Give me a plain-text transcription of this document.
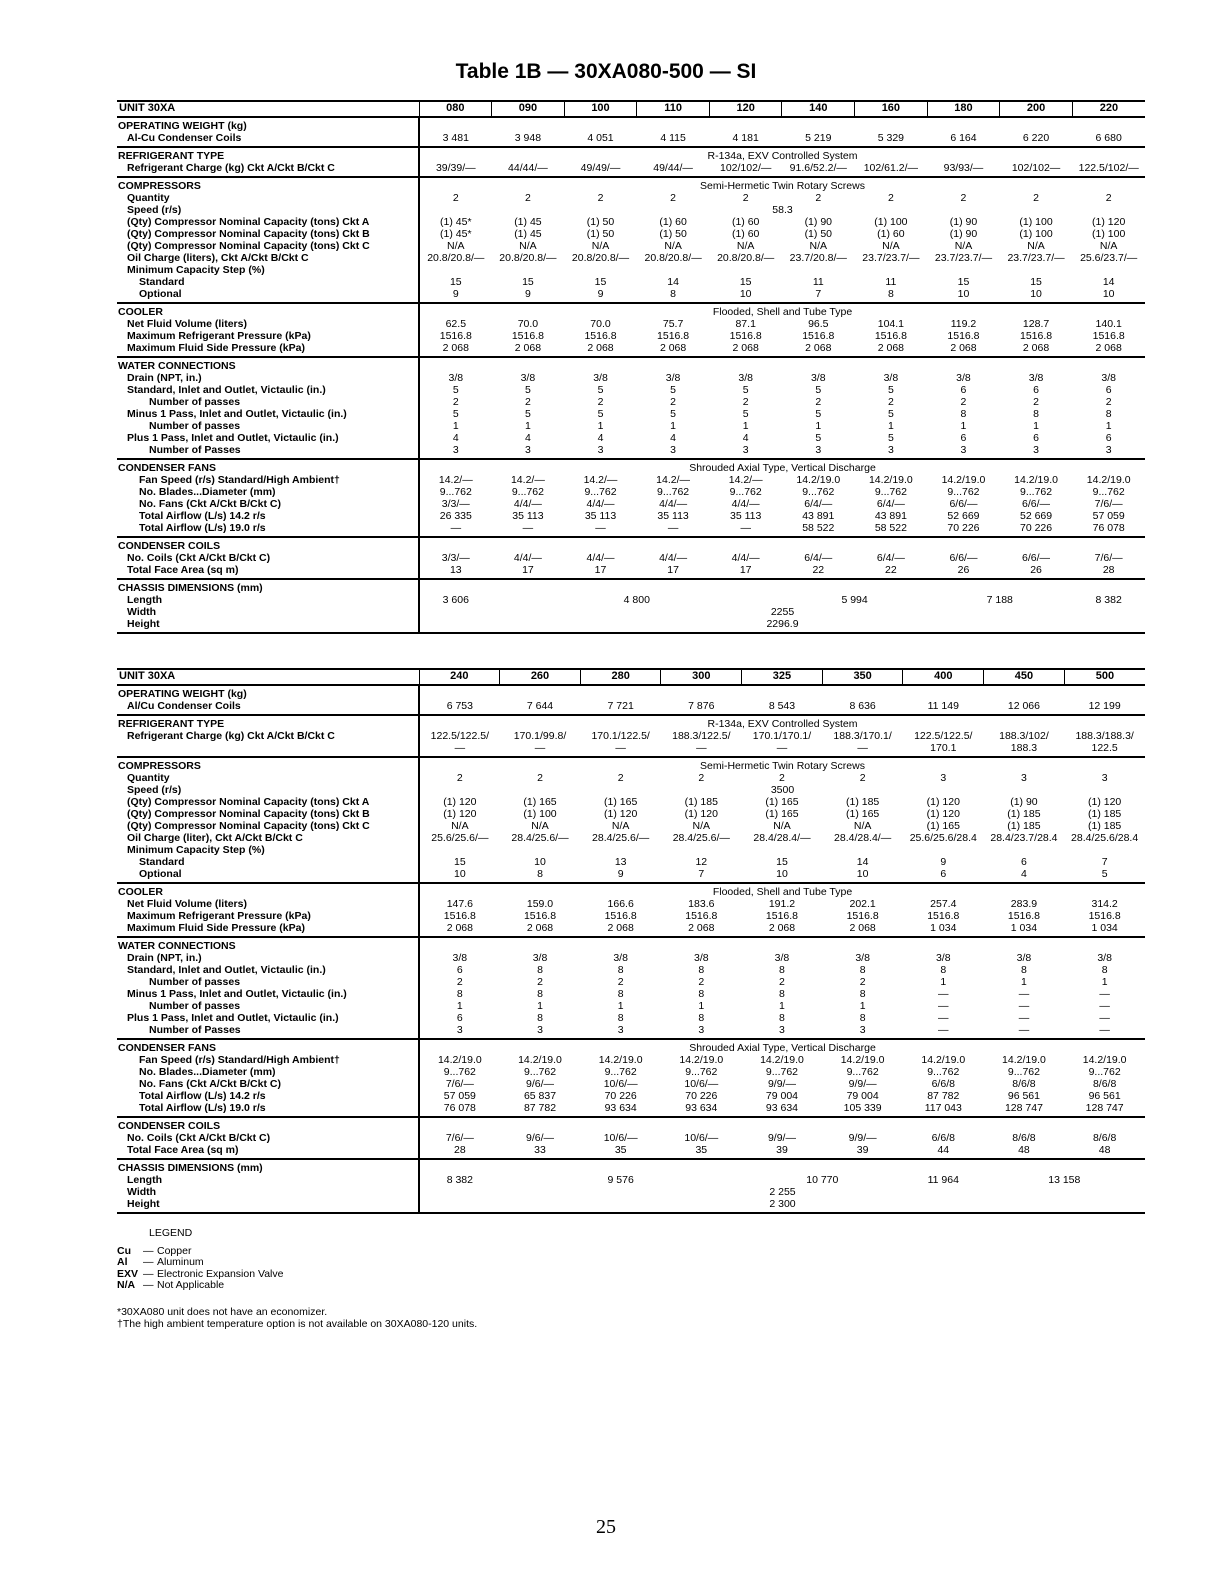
Table 1B — 30XA080-500 — SI
UNIT 30XA	080	090	100	110	120	140	160	180	200	220
OPERATING WEIGHT (kg)										
Al-Cu Condenser Coils	3 481	3 948	4 051	4 115	4 181	5 219	5 329	6 164	6 220	6 680
REFRIGERANT TYPE	R-134a, EXV Controlled System									
Refrigerant Charge (kg) Ckt A/Ckt B/Ckt C	39/39/—	44/44/—	49/49/—	49/44/—	102/102/—	91.6/52.2/—	102/61.2/—	93/93/—	102/102—	122.5/102/—
COMPRESSORS	Semi-Hermetic Twin Rotary Screws									
Quantity	2	2	2	2	2	2	2	2	2	2
Speed (r/s)	58.3									
(Qty) Compressor Nominal Capacity (tons) Ckt A	(1) 45*	(1) 45	(1) 50	(1) 60	(1) 60	(1) 90	(1) 100	(1) 90	(1) 100	(1) 120
(Qty) Compressor Nominal Capacity (tons) Ckt B	(1) 45*	(1) 45	(1) 50	(1) 50	(1) 60	(1) 50	(1) 60	(1) 90	(1) 100	(1) 100
(Qty) Compressor Nominal Capacity (tons) Ckt C	N/A	N/A	N/A	N/A	N/A	N/A	N/A	N/A	N/A	N/A
Oil Charge (liters), Ckt A/Ckt B/Ckt C	20.8/20.8/—	20.8/20.8/—	20.8/20.8/—	20.8/20.8/—	20.8/20.8/—	23.7/20.8/—	23.7/23.7/—	23.7/23.7/—	23.7/23.7/—	25.6/23.7/—
Minimum Capacity Step (%)										
Standard	15	15	15	14	15	11	11	15	15	14
Optional	9	9	9	8	10	7	8	10	10	10
COOLER	Flooded, Shell and Tube Type									
Net Fluid Volume (liters)	62.5	70.0	70.0	75.7	87.1	96.5	104.1	119.2	128.7	140.1
Maximum Refrigerant Pressure (kPa)	1516.8	1516.8	1516.8	1516.8	1516.8	1516.8	1516.8	1516.8	1516.8	1516.8
Maximum Fluid Side Pressure (kPa)	2 068	2 068	2 068	2 068	2 068	2 068	2 068	2 068	2 068	2 068
WATER CONNECTIONS										
Drain (NPT, in.)	3/8	3/8	3/8	3/8	3/8	3/8	3/8	3/8	3/8	3/8
Standard, Inlet and Outlet, Victaulic (in.)	5	5	5	5	5	5	5	6	6	6
Number of passes	2	2	2	2	2	2	2	2	2	2
Minus 1 Pass, Inlet and Outlet, Victaulic (in.)	5	5	5	5	5	5	5	8	8	8
Number of passes	1	1	1	1	1	1	1	1	1	1
Plus 1 Pass, Inlet and Outlet, Victaulic (in.)	4	4	4	4	4	5	5	6	6	6
Number of Passes	3	3	3	3	3	3	3	3	3	3
CONDENSER FANS	Shrouded Axial Type, Vertical Discharge									
Fan Speed (r/s) Standard/High Ambient†	14.2/—	14.2/—	14.2/—	14.2/—	14.2/—	14.2/19.0	14.2/19.0	14.2/19.0	14.2/19.0	14.2/19.0
No. Blades...Diameter (mm)	9...762	9...762	9...762	9...762	9...762	9...762	9...762	9...762	9...762	9...762
No. Fans (Ckt A/Ckt B/Ckt C)	3/3/—	4/4/—	4/4/—	4/4/—	4/4/—	6/4/—	6/4/—	6/6/—	6/6/—	7/6/—
Total Airflow (L/s) 14.2 r/s	26 335	35 113	35 113	35 113	35 113	43 891	43 891	52 669	52 669	57 059
Total Airflow (L/s) 19.0 r/s	—	—	—	—	—	58 522	58 522	70 226	70 226	76 078
CONDENSER COILS										
No. Coils (Ckt A/Ckt B/Ckt C)	3/3/—	4/4/—	4/4/—	4/4/—	4/4/—	6/4/—	6/4/—	6/6/—	6/6/—	7/6/—
Total Face Area (sq m)	13	17	17	17	17	22	22	26	26	28
CHASSIS DIMENSIONS (mm)										
Length	3 606	4 800				5 994		7 188		8 382
Width	2255									
Height	2296.9									
UNIT 30XA	240	260	280	300	325	350	400	450	500
OPERATING WEIGHT (kg)									
Al/Cu Condenser Coils	6 753	7 644	7 721	7 876	8 543	8 636	11 149	12 066	12 199
REFRIGERANT TYPE	R-134a, EXV Controlled System								
Refrigerant Charge (kg) Ckt A/Ckt B/Ckt C	122.5/122.5/	170.1/99.8/	170.1/122.5/	188.3/122.5/	170.1/170.1/	188.3/170.1/	122.5/122.5/	188.3/102/	188.3/188.3/
	—	—	—	—	—	—	170.1	188.3	122.5
COMPRESSORS	Semi-Hermetic Twin Rotary Screws								
Quantity	2	2	2	2	2	2	3	3	3
Speed (r/s)	3500								
(Qty) Compressor Nominal Capacity (tons) Ckt A	(1) 120	(1) 165	(1) 165	(1) 185	(1) 165	(1) 185	(1) 120	(1) 90	(1) 120
(Qty) Compressor Nominal Capacity (tons) Ckt B	(1) 120	(1) 100	(1) 120	(1) 120	(1) 165	(1) 165	(1) 120	(1) 185	(1) 185
(Qty) Compressor Nominal Capacity (tons) Ckt C	N/A	N/A	N/A	N/A	N/A	N/A	(1) 165	(1) 185	(1) 185
Oil Charge (liter), Ckt A/Ckt B/Ckt C	25.6/25.6/—	28.4/25.6/—	28.4/25.6/—	28.4/25.6/—	28.4/28.4/—	28.4/28.4/—	25.6/25.6/28.4	28.4/23.7/28.4	28.4/25.6/28.4
Minimum Capacity Step (%)									
Standard	15	10	13	12	15	14	9	6	7
Optional	10	8	9	7	10	10	6	4	5
COOLER	Flooded, Shell and Tube Type								
Net Fluid Volume (liters)	147.6	159.0	166.6	183.6	191.2	202.1	257.4	283.9	314.2
Maximum Refrigerant Pressure (kPa)	1516.8	1516.8	1516.8	1516.8	1516.8	1516.8	1516.8	1516.8	1516.8
Maximum Fluid Side Pressure (kPa)	2 068	2 068	2 068	2 068	2 068	2 068	1 034	1 034	1 034
WATER CONNECTIONS									
Drain (NPT, in.)	3/8	3/8	3/8	3/8	3/8	3/8	3/8	3/8	3/8
Standard, Inlet and Outlet, Victaulic (in.)	6	8	8	8	8	8	8	8	8
Number of passes	2	2	2	2	2	2	1	1	1
Minus 1 Pass, Inlet and Outlet, Victaulic (in.)	8	8	8	8	8	8	—	—	—
Number of passes	1	1	1	1	1	1	—	—	—
Plus 1 Pass, Inlet and Outlet, Victaulic (in.)	6	8	8	8	8	8	—	—	—
Number of Passes	3	3	3	3	3	3	—	—	—
CONDENSER FANS	Shrouded Axial Type, Vertical Discharge								
Fan Speed (r/s) Standard/High Ambient†	14.2/19.0	14.2/19.0	14.2/19.0	14.2/19.0	14.2/19.0	14.2/19.0	14.2/19.0	14.2/19.0	14.2/19.0
No. Blades...Diameter (mm)	9...762	9...762	9...762	9...762	9...762	9...762	9...762	9...762	9...762
No. Fans (Ckt A/Ckt B/Ckt C)	7/6/—	9/6/—	10/6/—	10/6/—	9/9/—	9/9/—	6/6/8	8/6/8	8/6/8
Total Airflow (L/s) 14.2 r/s	57 059	65 837	70 226	70 226	79 004	79 004	87 782	96 561	96 561
Total Airflow (L/s) 19.0 r/s	76 078	87 782	93 634	93 634	93 634	105 339	117 043	128 747	128 747
CONDENSER COILS									
No. Coils (Ckt A/Ckt B/Ckt C)	7/6/—	9/6/—	10/6/—	10/6/—	9/9/—	9/9/—	6/6/8	8/6/8	8/6/8
Total Face Area (sq m)	28	33	35	35	39	39	44	48	48
CHASSIS DIMENSIONS (mm)									
Length	8 382	9 576			10 770		11 964	13 158	
Width	2 255								
Height	2 300								
LEGEND
Cu	— Copper
Al	— Aluminum
EXV — Electronic Expansion Valve
N/A — Not Applicable
*30XA080 unit does not have an economizer.
†The high ambient temperature option is not available on 30XA080-120 units.
25
